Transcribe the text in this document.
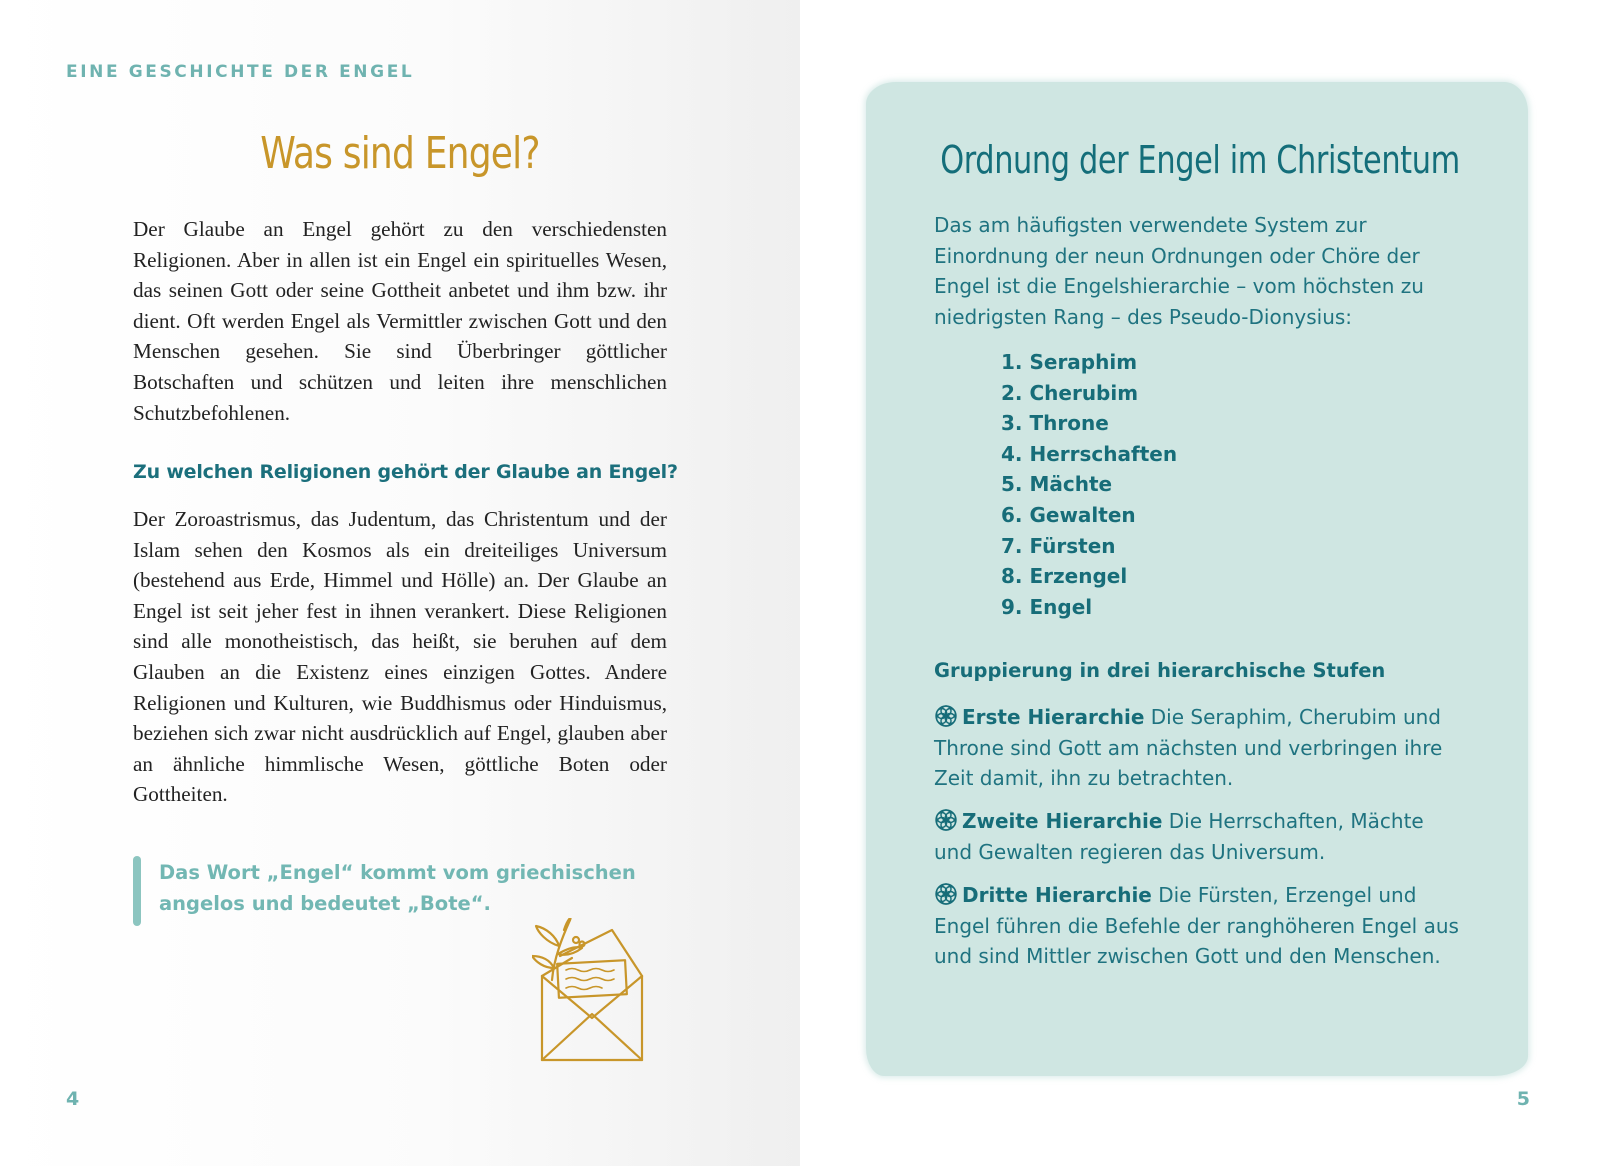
EINE GESCHICHTE DER ENGEL
Was sind Engel?

Der Glaube an Engel gehört zu den verschiedensten Religionen. Aber in allen ist ein Engel ein spirituelles Wesen, das seinen Gott oder seine Gottheit anbetet und ihm bzw. ihr dient. Oft werden Engel als Vermittler zwischen Gott und den Menschen gesehen. Sie sind Überbringer göttlicher Botschaften und schützen und leiten ihre menschlichen Schutzbefohlenen.

Zu welchen Religionen gehört der Glaube an Engel?

Der Zoroastrismus, das Judentum, das Christentum und der Islam sehen den Kosmos als ein dreiteiliges Universum (bestehend aus Erde, Himmel und Hölle) an. Der Glaube an Engel ist seit jeher fest in ihnen verankert. Diese Religionen sind alle monotheistisch, das heißt, sie beruhen auf dem Glauben an die Existenz eines einzigen Gottes. Andere Religionen und Kulturen, wie Buddhismus oder Hinduismus, beziehen sich zwar nicht ausdrücklich auf Engel, glauben aber an ähnliche himmlische Wesen, göttliche Boten oder Gottheiten.

Das Wort „Engel“ kommt vom griechischen
angelos und bedeutet „Bote“.
4
Ordnung der Engel im Christentum

Das am häufigsten verwendete System zur Einordnung der neun Ordnungen oder Chöre der Engel ist die Engelshierarchie – vom höchsten zu niedrigsten Rang – des Pseudo-Dionysius:

1. Seraphim
2. Cherubim
3. Throne
4. Herrschaften
5. Mächte
6. Gewalten
7. Fürsten
8. Erzengel
9. Engel
Gruppierung in drei hierarchische Stufen

Erste Hierarchie Die Seraphim, Cherubim und Throne sind Gott am nächsten und verbringen ihre Zeit damit, ihn zu betrachten.

Zweite Hierarchie Die Herrschaften, Mächte und Gewalten regieren das Universum.

Dritte Hierarchie Die Fürsten, Erzengel und Engel führen die Befehle der ranghöheren Engel aus und sind Mittler zwischen Gott und den Menschen.

5
